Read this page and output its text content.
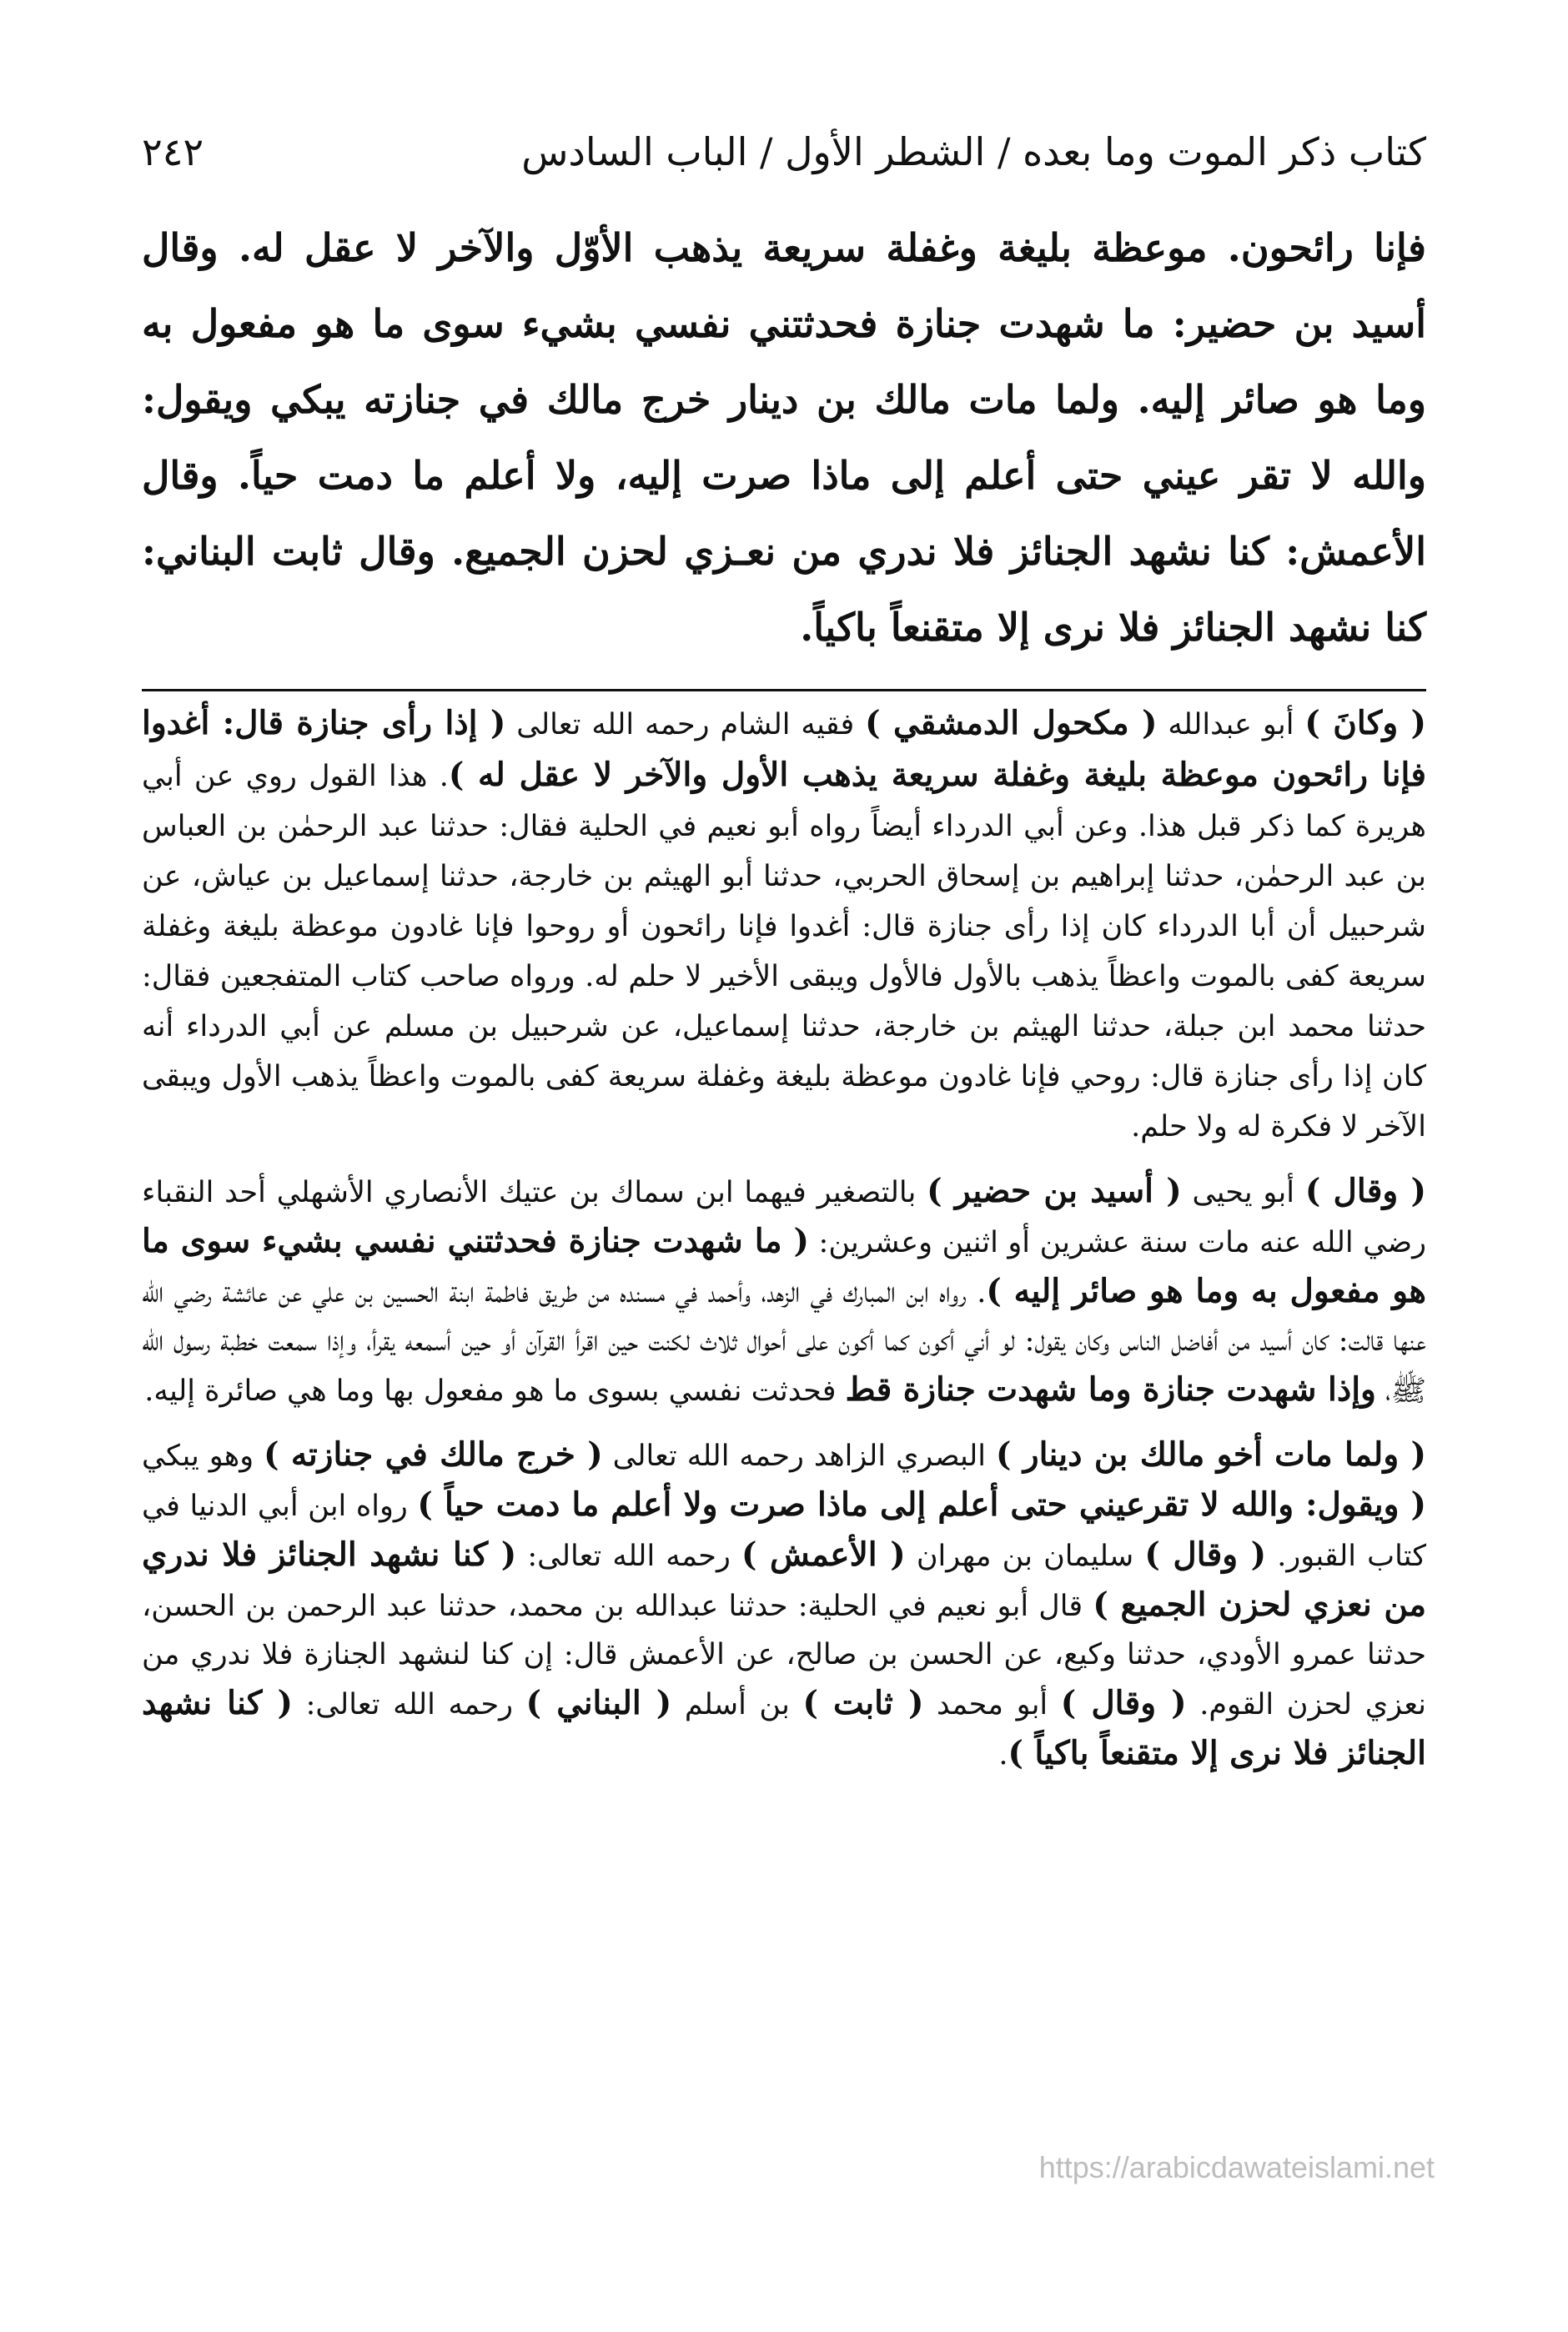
كتاب ذكر الموت وما بعده / الشطر الأول / الباب السادس
٢٤٢
فإنا رائحون. موعظة بليغة وغفلة سريعة يذهب الأوّل والآخر لا عقل له. وقال أسيد بن حضير: ما شهدت جنازة فحدثتني نفسي بشيء سوى ما هو مفعول به وما هو صائر إليه. ولما مات مالك بن دينار خرج مالك في جنازته يبكي ويقول: والله لا تقر عيني حتى أعلم إلى ماذا صرت إليه، ولا أعلم ما دمت حياً. وقال الأعمش: كنا نشهد الجنائز فلا ندري من نعـزي لحزن الجميع. وقال ثابت البناني: كنا نشهد الجنائز فلا نرى إلا متقنعاً باكياً.

( وكانَ ) أبو عبدالله ( مكحول الدمشقي ) فقيه الشام رحمه الله تعالى ( إذا رأى جنازة قال: أغدوا فإنا رائحون موعظة بليغة وغفلة سريعة يذهب الأول والآخر لا عقل له ). هذا القول روي عن أبي هريرة كما ذكر قبل هذا. وعن أبي الدرداء أيضاً رواه أبو نعيم في الحلية فقال: حدثنا عبد الرحمٰن بن العباس بن عبد الرحمٰن، حدثنا إبراهيم بن إسحاق الحربي، حدثنا أبو الهيثم بن خارجة، حدثنا إسماعيل بن عياش، عن شرحبيل أن أبا الدرداء كان إذا رأى جنازة قال: أغدوا فإنا رائحون أو روحوا فإنا غادون موعظة بليغة وغفلة سريعة كفى بالموت واعظاً يذهب بالأول فالأول ويبقى الأخير لا حلم له. ورواه صاحب كتاب المتفجعين فقال: حدثنا محمد ابن جبلة، حدثنا الهيثم بن خارجة، حدثنا إسماعيل، عن شرحبيل بن مسلم عن أبي الدرداء أنه كان إذا رأى جنازة قال: روحي فإنا غادون موعظة بليغة وغفلة سريعة كفى بالموت واعظاً يذهب الأول ويبقى الآخر لا فكرة له ولا حلم.

( وقال ) أبو يحيى ( أسيد بن حضير ) بالتصغير فيهما ابن سماك بن عتيك الأنصاري الأشهلي أحد النقباء رضي الله عنه مات سنة عشرين أو اثنين وعشرين: ( ما شهدت جنازة فحدثتني نفسي بشيء سوى ما هو مفعول به وما هو صائر إليه ). رواه ابن المبارك في الزهد، وأحمد في مسنده من طريق فاطمة ابنة الحسين بن علي عن عائشة رضي الله عنها قالت: كان أسيد من أفاضل الناس وكان يقول: لو أني أكون كما أكون على أحوال ثلاث لكنت حين اقرأ القرآن أو حين أسمعه يقرأ، وإذا سمعت خطبة رسول الله ﷺ، وإذا شهدت جنازة وما شهدت جنازة قط فحدثت نفسي بسوى ما هو مفعول بها وما هي صائرة إليه.

( ولما مات أخو مالك بن دينار ) البصري الزاهد رحمه الله تعالى ( خرج مالك في جنازته ) وهو يبكي ( ويقول: والله لا تقرعيني حتى أعلم إلى ماذا صرت ولا أعلم ما دمت حياً ) رواه ابن أبي الدنيا في كتاب القبور. ( وقال ) سليمان بن مهران ( الأعمش ) رحمه الله تعالى: ( كنا نشهد الجنائز فلا ندري من نعزي لحزن الجميع ) قال أبو نعيم في الحلية: حدثنا عبدالله بن محمد، حدثنا عبد الرحمن بن الحسن، حدثنا عمرو الأودي، حدثنا وكيع، عن الحسن بن صالح، عن الأعمش قال: إن كنا لنشهد الجنازة فلا ندري من نعزي لحزن القوم. ( وقال ) أبو محمد ( ثابت ) بن أسلم ( البناني ) رحمه الله تعالى: ( كنا نشهد الجنائز فلا نرى إلا متقنعاً باكياً ).

https://arabicdawateislami.net
